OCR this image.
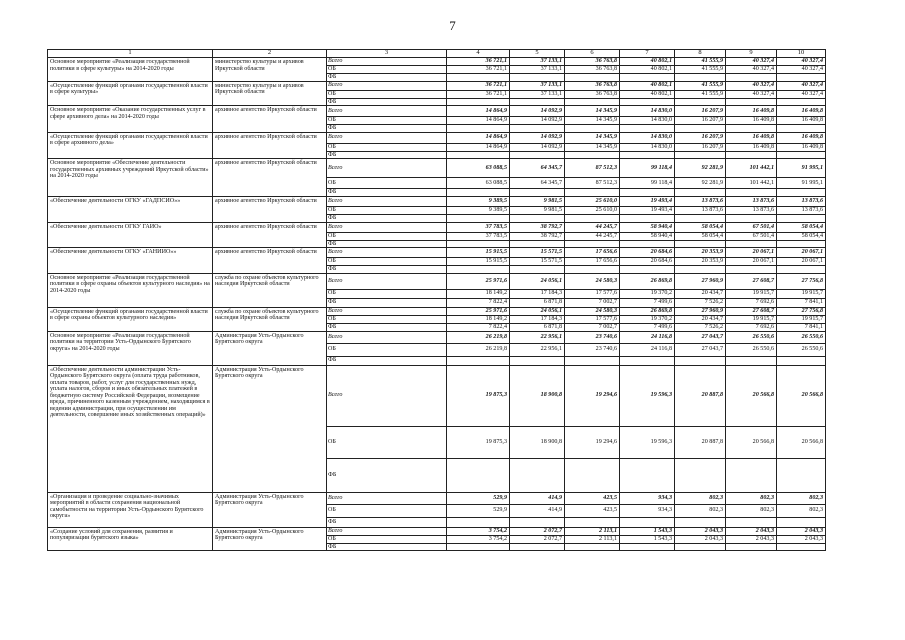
7
1	2	3	4	5	6	7	8	9	10
Основное мероприятие «Реализация государственной политики в сфере культуры» на 2014-2020 годы	министерство культуры и архивов Иркутской области	Всего	36 721,1	37 133,1	36 763,8	40 802,1	41 555,9	40 327,4	40 327,4
		ОБ	36 721,1	37 133,1	36 763,8	40 802,1	41 555,9	40 327,4	40 327,4
		ФБ							
«Осуществление функций органами государственной власти в сфере культуры»	министерство культуры и архивов Иркутской области	Всего	36 721,1	37 133,1	36 763,8	40 802,1	41 555,9	40 327,4	40 327,4
		ОБ	36 721,1	37 133,1	36 763,8	40 802,1	41 555,9	40 327,4	40 327,4
		ФБ							
Основное мероприятие «Оказание государственных услуг в сфере архивного дела» на 2014-2020 годы	архивное агентство Иркутской области	Всего	14 864,9	14 092,9	14 345,9	14 830,0	16 207,9	16 409,8	16 409,8
		ОБ	14 864,9	14 092,9	14 345,9	14 830,0	16 207,9	16 409,8	16 409,8
		ФБ							
«Осуществление функций органами государственной власти в сфере архивного дела»	архивное агентство Иркутской области	Всего	14 864,9	14 092,9	14 345,9	14 830,0	16 207,9	16 409,8	16 409,8
		ОБ	14 864,9	14 092,9	14 345,9	14 830,0	16 207,9	16 409,8	16 409,8
		ФБ							
Основное мероприятие «Обеспечение деятельности государственных архивных учреждений Иркутской области» на 2014-2020 годы	архивное агентство Иркутской области	Всего	63 088,5	64 345,7	87 512,3	99 118,4	92 281,9	101 442,1	91 995,1
		ОБ	63 088,5	64 345,7	87 512,3	99 118,4	92 281,9	101 442,1	91 995,1
		ФБ							
«Обеспечение деятельности ОГКУ «ГАДПСИО»»	архивное агентство Иркутской области	Всего	9 389,5	9 981,5	25 610,0	19 493,4	13 873,6	13 873,6	13 873,6
		ОБ	9 389,5	9 981,5	25 610,0	19 493,4	13 873,6	13 873,6	13 873,6
		ФБ							
«Обеспечение деятельности ОГКУ ГАИО»	архивное агентство Иркутской области	Всего	37 783,5	38 792,7	44 245,7	58 940,4	58 054,4	67 501,4	58 054,4
		ОБ	37 783,5	38 792,7	44 245,7	58 940,4	58 054,4	67 501,4	58 054,4
		ФБ							
«Обеспечение деятельности ОГКУ «ГАНИИО»»	архивное агентство Иркутской области	Всего	15 915,5	15 571,5	17 656,6	20 684,6	20 353,9	20 067,1	20 067,1
		ОБ	15 915,5	15 571,5	17 656,6	20 684,6	20 353,9	20 067,1	20 067,1
		ФБ							
Основное мероприятие «Реализация государственной политики в сфере охраны объектов культурного наследия» на 2014-2020 годы	служба по охране объектов культурного наследия Иркутской области	Всего	25 971,6	24 056,1	24 580,3	26 869,8	27 960,9	27 608,7	27 756,8
		ОБ	18 149,2	17 184,3	17 577,6	19 370,2	20 434,7	19 915,7	19 915,7
		ФБ	7 822,4	6 871,8	7 002,7	7 499,6	7 526,2	7 692,6	7 841,1
«Осуществление функций органами государственной власти в сфере охраны объектов культурного наследия»	служба по охране объектов культурного наследия Иркутской области	Всего	25 971,6	24 056,1	24 580,3	26 869,8	27 960,9	27 608,7	27 756,8
		ОБ	18 149,2	17 184,3	17 577,6	19 370,2	20 434,7	19 915,7	19 915,7
		ФБ	7 822,4	6 871,8	7 002,7	7 499,6	7 526,2	7 692,6	7 841,1
Основное мероприятие «Реализация государственной политики на территории Усть-Ордынского Бурятского округа» на 2014-2020 годы	Администрация Усть-Ордынского Бурятского округа	Всего	26 219,8	22 956,1	23 740,6	24 116,8	27 043,7	26 550,6	26 550,6
		ОБ	26 219,8	22 956,1	23 740,6	24 116,8	27 043,7	26 550,6	26 550,6
		ФБ							
«Обеспечение деятельности администрации Усть-Ордынского Бурятского округа (оплата труда работников, оплата товаров, работ, услуг для государственных нужд, уплата налогов, сборов и иных обязательных платежей в бюджетную систему Российской Федерации, возмещение вреда, причиненного казенным учреждением, находящимся в ведении администрации, при осуществлении им деятельности, совершение иных хозяйственных операций)»	Администрация Усть-Ордынского Бурятского округа	Всего	19 875,3	18 900,8	19 294,6	19 596,3	20 887,8	20 566,8	20 566,8
		ОБ	19 875,3	18 900,8	19 294,6	19 596,3	20 887,8	20 566,8	20 566,8
		ФБ							
«Организация и проведение социально-значимых мероприятий в области сохранения национальной самобытности на территории Усть-Ордынского Бурятского округа»	Администрация Усть-Ордынского Бурятского округа	Всего	529,9	414,9	423,5	934,3	802,3	802,3	802,3
		ОБ	529,9	414,9	423,5	934,3	802,3	802,3	802,3
		ФБ							
«Создание условий для сохранения, развития и популяризации бурятского языка»	Администрация Усть-Ордынского Бурятского округа	Всего	3 754,2	2 072,7	2 113,1	1 543,3	2 043,3	2 043,3	2 043,3
		ОБ	3 754,2	2 072,7	2 113,1	1 543,3	2 043,3	2 043,3	2 043,3
		ФБ							
